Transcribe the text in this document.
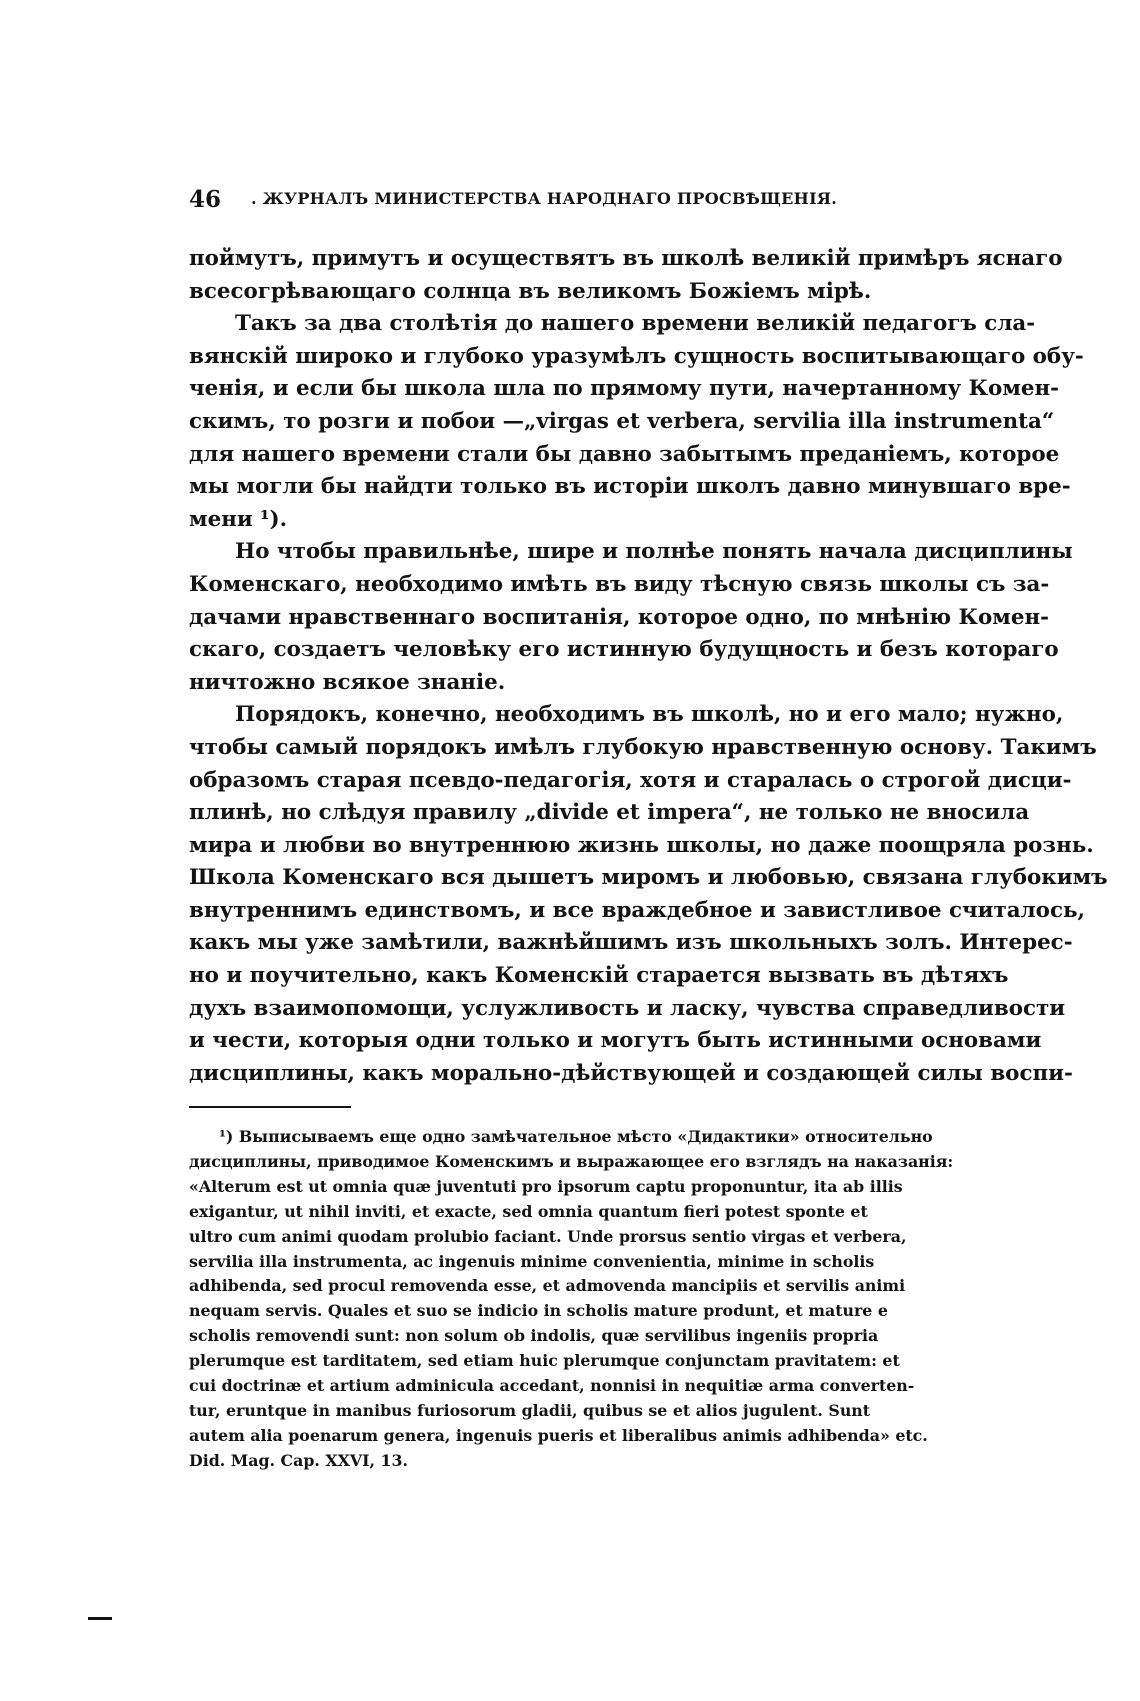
46 . ЖУРНАЛЪ МИНИСТЕРСТВА НАРОДНАГО ПРОСВѢЩЕНІЯ.
поймутъ, примутъ и осуществятъ въ школѣ великій примѣръ яснаго
всесогрѣвающаго солнца въ великомъ Божіемъ мірѣ.
Такъ за два столѣтія до нашего времени великій педагогъ сла-
вянскій широко и глубоко уразумѣлъ сущность воспитывающаго обу-
ченія, и если бы школа шла по прямому пути, начертанному Комен-
скимъ, то розги и побои —„virgas et verbera, servilia illa instrumenta“
для нашего времени стали бы давно забытымъ преданіемъ, которое
мы могли бы найдти только въ исторіи школъ давно минувшаго вре-
мени ¹).
Но чтобы правильнѣе, шире и полнѣе понять начала дисциплины
Коменскаго, необходимо имѣть въ виду тѣсную связь школы съ за-
дачами нравственнаго воспитанія, которое одно, по мнѣнію Комен-
скаго, создаетъ человѣку его истинную будущность и безъ котораго
ничтожно всякое знаніе.
Порядокъ, конечно, необходимъ въ школѣ, но и его мало; нужно,
чтобы самый порядокъ имѣлъ глубокую нравственную основу. Такимъ
образомъ старая псевдо-педагогія, хотя и старалась о строгой дисци-
плинѣ, но слѣдуя правилу „divide et impera“, не только не вносила
мира и любви во внутреннюю жизнь школы, но даже поощряла рознь.
Школа Коменскаго вся дышетъ миромъ и любовью, связана глубокимъ
внутреннимъ единствомъ, и все враждебное и завистливое считалось,
какъ мы уже замѣтили, важнѣйшимъ изъ школьныхъ золъ. Интерес-
но и поучительно, какъ Коменскій старается вызвать въ дѣтяхъ
духъ взаимопомощи, услужливость и ласку, чувства справедливости
и чести, которыя одни только и могутъ быть истинными основами
дисциплины, какъ морально-дѣйствующей и создающей силы воспи-
¹) Выписываемъ еще одно замѣчательное мѣсто «Дидактики» относительно
дисциплины, приводимое Коменскимъ и выражающее его взглядъ на наказанія:
«Alterum est ut omnia quæ juventuti pro ipsorum captu proponuntur, ita ab illis
exigantur, ut nihil inviti, et exacte, sed omnia quantum fieri potest sponte et
ultro cum animi quodam prolubio faciant. Unde prorsus sentio virgas et verbera,
servilia illa instrumenta, ac ingenuis minime convenientia, minime in scholis
adhibenda, sed procul removenda esse, et admovenda mancipiis et servilis animi
nequam servis. Quales et suo se indicio in scholis mature produnt, et mature e
scholis removendi sunt: non solum ob indolis, quæ servilibus ingeniis propria
plerumque est tarditatem, sed etiam huic plerumque conjunctam pravitatem: et
cui doctrinæ et artium adminicula accedant, nonnisi in nequitiæ arma converten-
tur, eruntque in manibus furiosorum gladii, quibus se et alios jugulent. Sunt
autem alia poenarum genera, ingenuis pueris et liberalibus animis adhibenda» etc.
Did. Mag. Cap. XXVI, 13.
